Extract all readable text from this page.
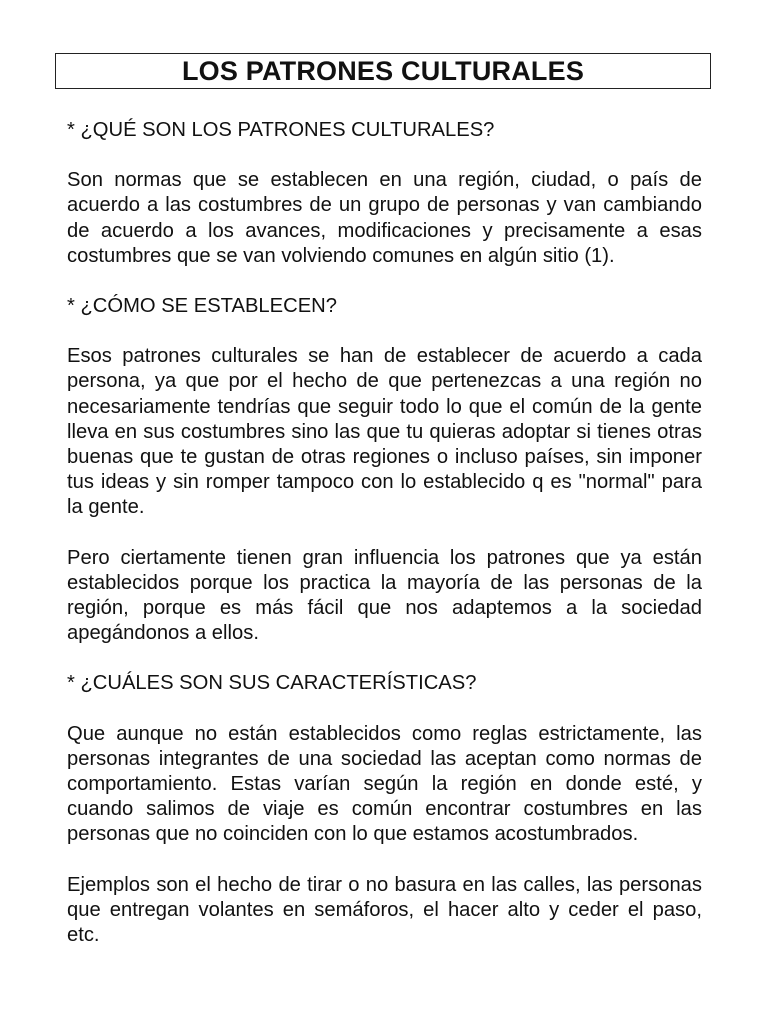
LOS PATRONES CULTURALES

* ¿QUÉ SON LOS PATRONES CULTURALES?

Son normas que se establecen en una región, ciudad, o país de acuerdo a las costumbres de un grupo de personas y van cambiando de acuerdo a los avances, modificaciones y precisamente a esas costumbres que se van volviendo comunes en algún sitio (1).

* ¿CÓMO SE ESTABLECEN?

Esos patrones culturales se han de establecer de acuerdo a cada persona, ya que por el hecho de que pertenezcas a una región no necesariamente tendrías que seguir todo lo que el común de la gente lleva en sus costumbres sino las que tu quieras adoptar si tienes otras buenas que te gustan de otras regiones o incluso países, sin imponer tus ideas y sin romper tampoco con lo establecido q es "normal" para la gente.

Pero ciertamente tienen gran influencia los patrones que ya están establecidos porque los practica la mayoría de las personas de la región, porque es más fácil que nos adaptemos a la sociedad apegándonos a ellos.

* ¿CUÁLES SON SUS CARACTERÍSTICAS?

Que aunque no están establecidos como reglas estrictamente, las personas integrantes de una sociedad las aceptan como normas de comportamiento. Estas varían según la región en donde esté, y cuando salimos de viaje es común encontrar costumbres en las personas que no coinciden con lo que estamos acostumbrados.

Ejemplos son el hecho de tirar o no basura en las calles, las personas que entregan volantes en semáforos, el hacer alto y ceder el paso, etc.
